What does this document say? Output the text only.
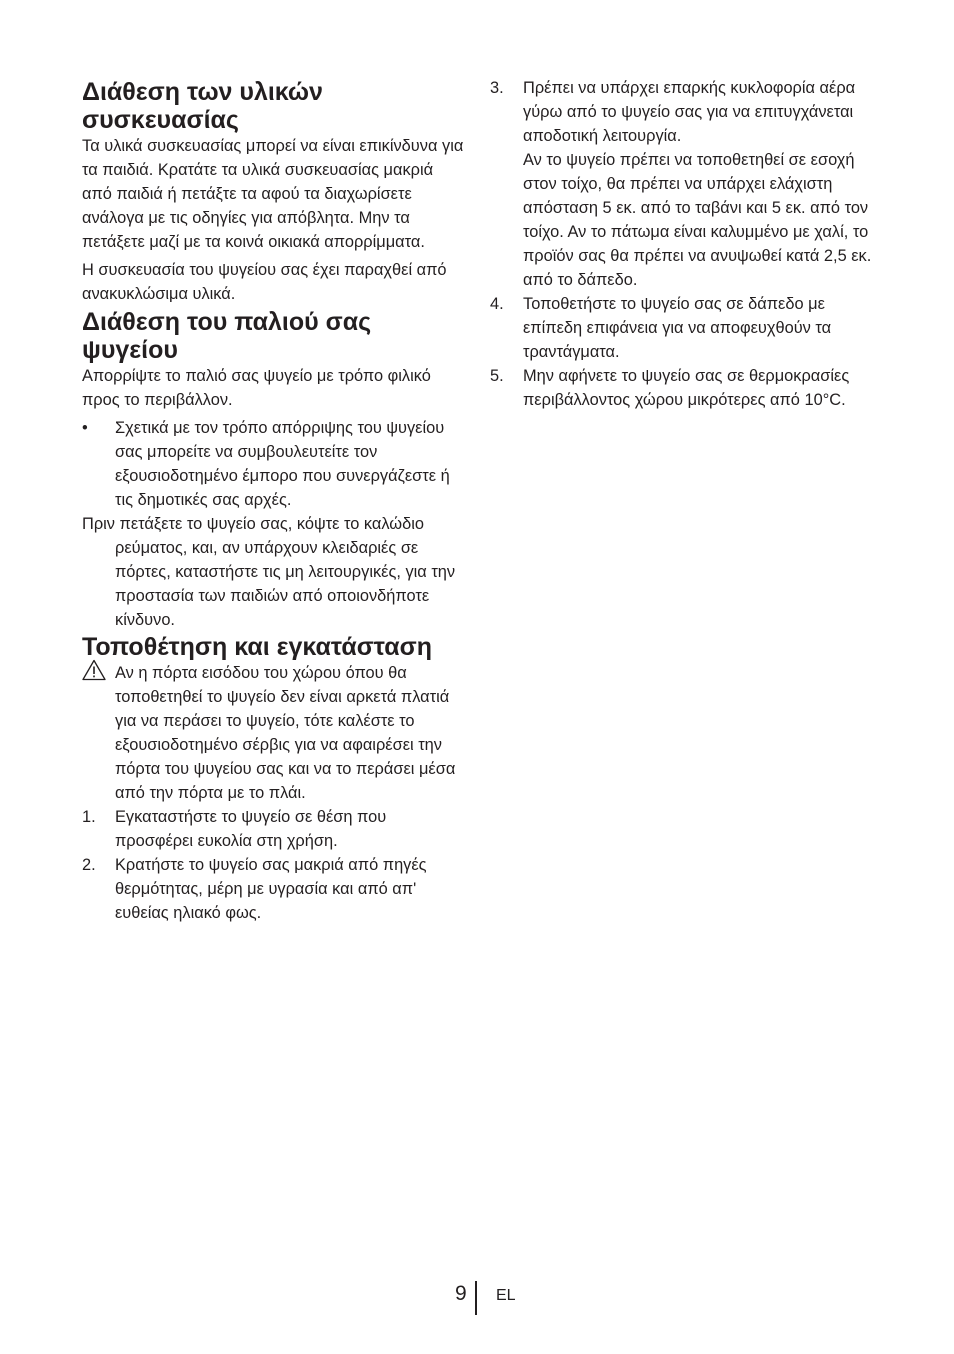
Διάθεση των υλικών συσκευασίας

Τα υλικά συσκευασίας μπορεί να είναι επικίνδυνα για τα παιδιά. Κρατάτε τα υλικά συσκευασίας μακριά από παιδιά ή πετάξτε τα αφού τα διαχωρίσετε ανάλογα με τις οδηγίες για απόβλητα. Μην τα πετάξετε μαζί με τα κοινά οικιακά απορρίμματα.

Η συσκευασία του ψυγείου σας έχει παραχθεί από ανακυκλώσιμα υλικά.

Διάθεση του παλιού σας ψυγείου

Απορρίψτε το παλιό σας ψυγείο με τρόπο φιλικό προς το περιβάλλον.

• Σχετικά με τον τρόπο απόρριψης του ψυγείου σας μπορείτε να συμβουλευτείτε τον εξουσιοδοτημένο έμπορο που συνεργάζεστε ή τις δημοτικές σας αρχές.
Πριν πετάξετε το ψυγείο σας, κόψτε το καλώδιο ρεύματος, και, αν υπάρχουν κλειδαριές σε πόρτες, καταστήστε τις μη λειτουργικές, για την προστασία των παιδιών από οποιονδήποτε κίνδυνο.
Τοποθέτηση και εγκατάσταση
Αν η πόρτα εισόδου του χώρου όπου θα τοποθετηθεί το ψυγείο δεν είναι αρκετά πλατιά για να περάσει το ψυγείο, τότε καλέστε το εξουσιοδοτημένο σέρβις για να αφαιρέσει την πόρτα του ψυγείου σας και να το περάσει μέσα από την πόρτα με το πλάι.
1. Εγκαταστήστε το ψυγείο σε θέση που προσφέρει ευκολία στη χρήση.
2. Κρατήστε το ψυγείο σας μακριά από πηγές θερμότητας, μέρη με υγρασία και από απ' ευθείας ηλιακό φως.
3. Πρέπει να υπάρχει επαρκής κυκλοφορία αέρα γύρω από το ψυγείο σας για να επιτυγχάνεται αποδοτική λειτουργία.
Αν το ψυγείο πρέπει να τοποθετηθεί σε εσοχή στον τοίχο, θα πρέπει να υπάρχει ελάχιστη απόσταση 5 εκ. από το ταβάνι και 5 εκ. από τον τοίχο. Αν το πάτωμα είναι καλυμμένο με χαλί, το προϊόν σας θα πρέπει να ανυψωθεί κατά 2,5 εκ. από το δάπεδο.
4. Τοποθετήστε το ψυγείο σας σε δάπεδο με επίπεδη επιφάνεια για να αποφευχθούν τα τραντάγματα.
5. Μην αφήνετε το ψυγείο σας σε θερμοκρασίες περιβάλλοντος χώρου μικρότερες από 10°C.
9 EL
